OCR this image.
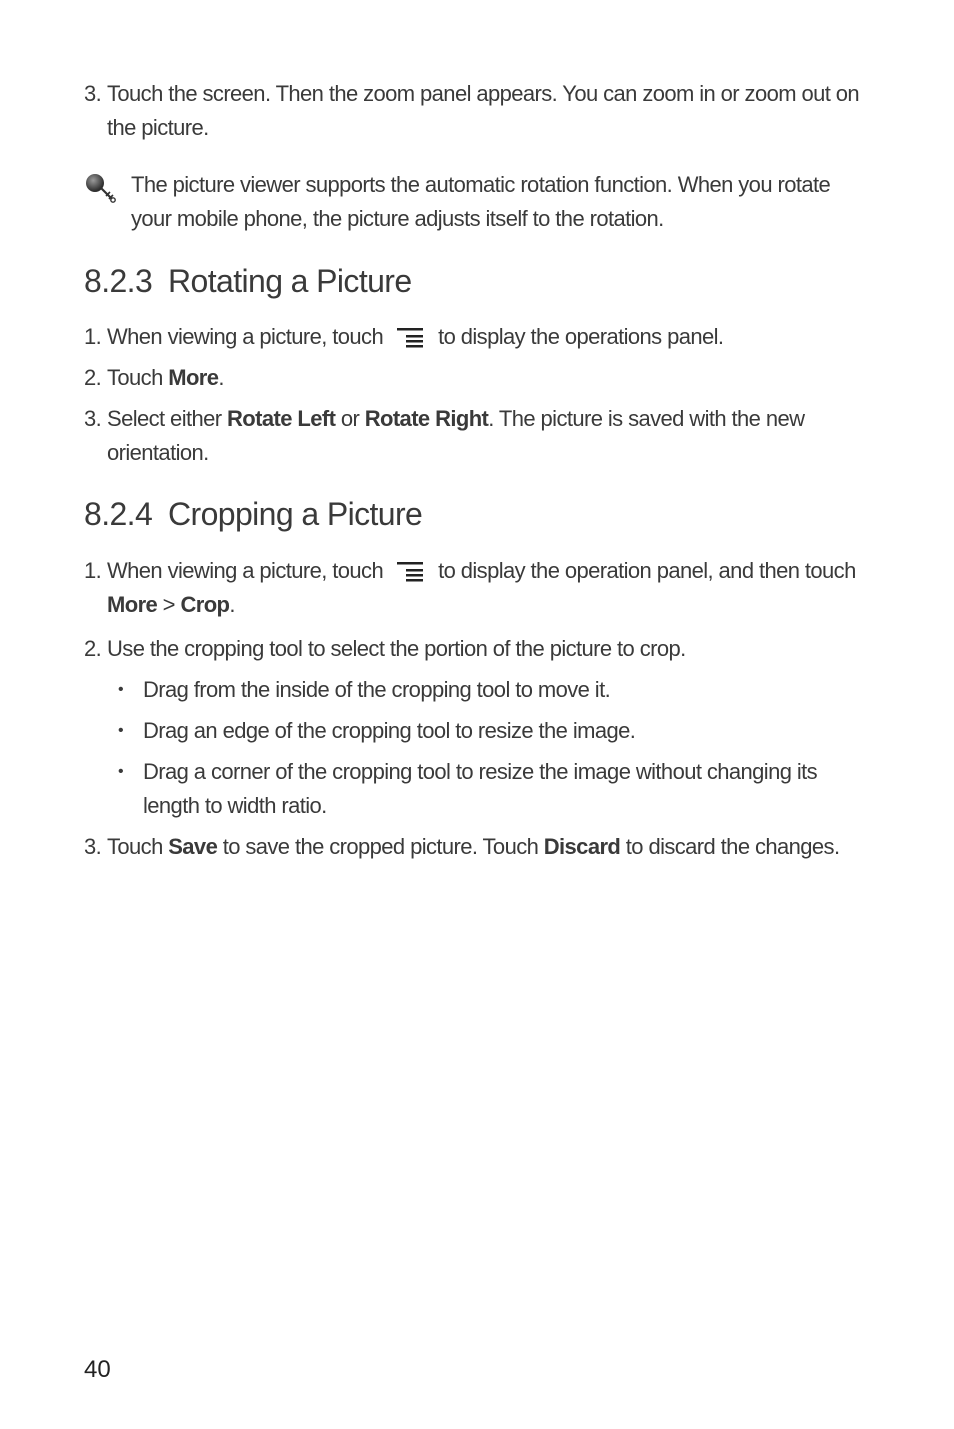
3. Touch the screen. Then the zoom panel appears. You can zoom in or zoom out on the picture.
The picture viewer supports the automatic rotation function. When you rotate your mobile phone, the picture adjusts itself to the rotation.
8.2.3 Rotating a Picture
1. When viewing a picture, touch	to display the operations panel.
2. Touch More.
3. Select either Rotate Left or Rotate Right. The picture is saved with the new orientation.
8.2.4 Cropping a Picture
1. When viewing a picture, touch	to display the operation panel, and then touch
More > Crop.
2. Use the cropping tool to select the portion of the picture to crop.
• Drag from the inside of the cropping tool to move it.
• Drag an edge of the cropping tool to resize the image.
• Drag a corner of the cropping tool to resize the image without changing its length to width ratio.
3. Touch Save to save the cropped picture. Touch Discard to discard the changes.
40
